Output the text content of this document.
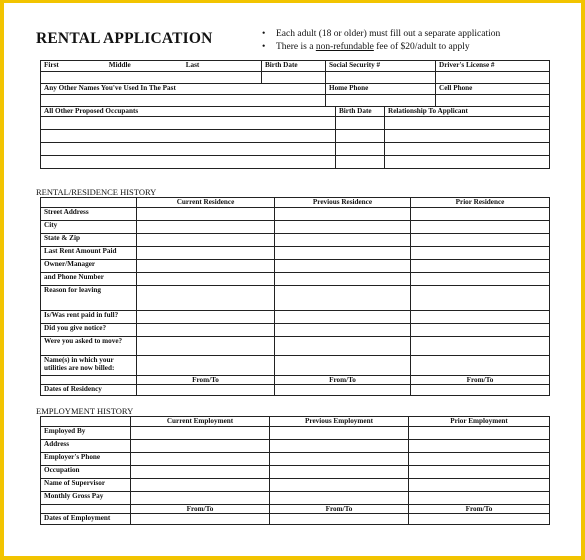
RENTAL APPLICATION	• Each adult (18 or older) must fill out a separate application
• There is a non-refundable fee of $20/adult to apply
First Middle Last	Birth Date	Social Security #	Driver's License #

Any Other Names You've Used In The Past		Home Phone	Cell Phone

All Other Proposed Occupants	Birth Date	Relationship To Applicant

RENTAL/RESIDENCE HISTORY
	Current Residence	Previous Residence	Prior Residence
Street Address			
City			
State & Zip			
Last Rent Amount Paid			
Owner/Manager			
and Phone Number			
Reason for leaving			
Is/Was rent paid in full?			
Did you give notice?			
Were you asked to move?			
Name(s) in which your utilities are now billed:			
	From/To	From/To	From/To
Dates of Residency			
EMPLOYMENT HISTORY
	Current Employment	Previous Employment	Prior Employment
Employed By			
Address			
Employer's Phone			
Occupation			
Name of Supervisor			
Monthly Gross Pay			
	From/To	From/To	From/To
Dates of Employment			
